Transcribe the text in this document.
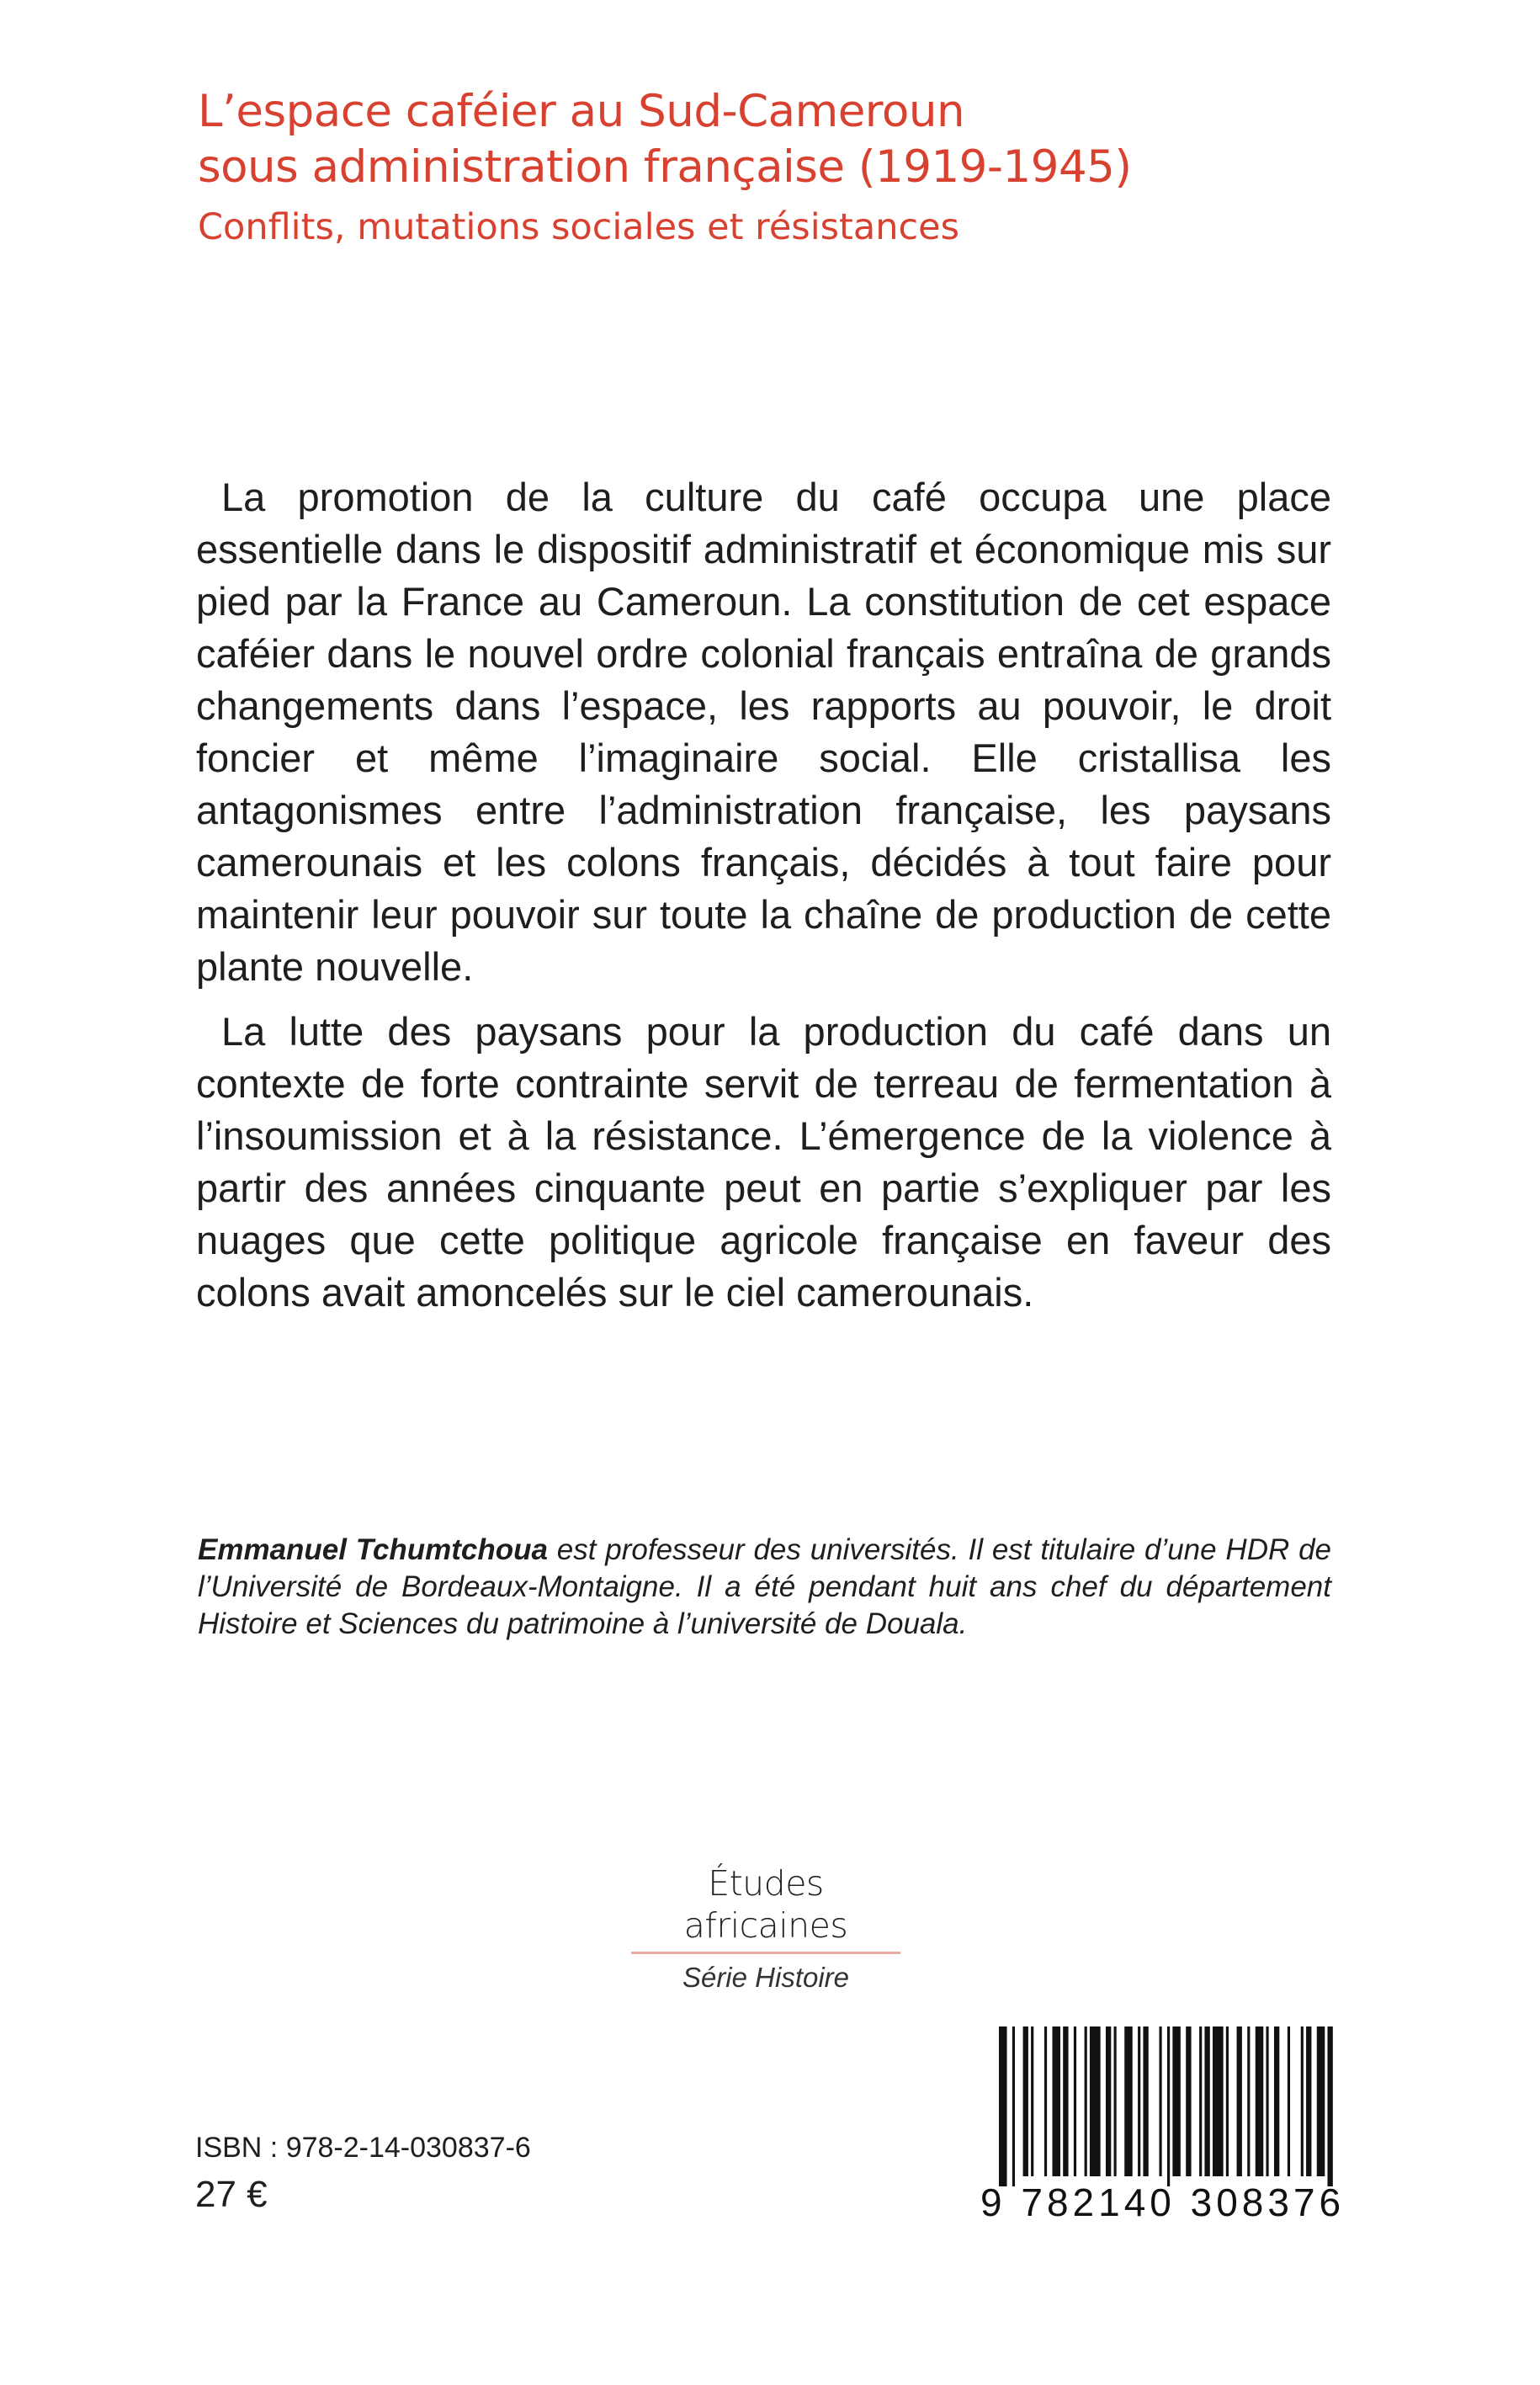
L’espace caféier au Sud-Cameroun
sous administration française (1919-1945)
Conflits, mutations sociales et résistances

La promotion de la culture du café occupa une place essentielle dans le dispositif administratif et économique mis sur pied par la France au Cameroun. La constitution de cet espace caféier dans le nouvel ordre colonial français entraîna de grands changements dans l’espace, les rapports au pouvoir, le droit foncier et même l’imaginaire social. Elle cristallisa les antagonismes entre l’administration française, les paysans camerounais et les colons français, décidés à tout faire pour maintenir leur pouvoir sur toute la chaîne de production de cette plante nouvelle.

La lutte des paysans pour la production du café dans un contexte de forte contrainte servit de terreau de fermentation à l’insoumission et à la résistance. L’émergence de la violence à partir des années cinquante peut en partie s’expliquer par les nuages que cette politique agricole française en faveur des colons avait amoncelés sur le ciel camerounais.

Emmanuel Tchumtchoua est professeur des universités. Il est titulaire d’une HDR de l’Université de Bordeaux-Montaigne. Il a été pendant huit ans chef du département Histoire et Sciences du patrimoine à l’université de Douala.

Études africaines
Série Histoire
ISBN : 978-2-14-030837-6
27 €	9 782140 308376
